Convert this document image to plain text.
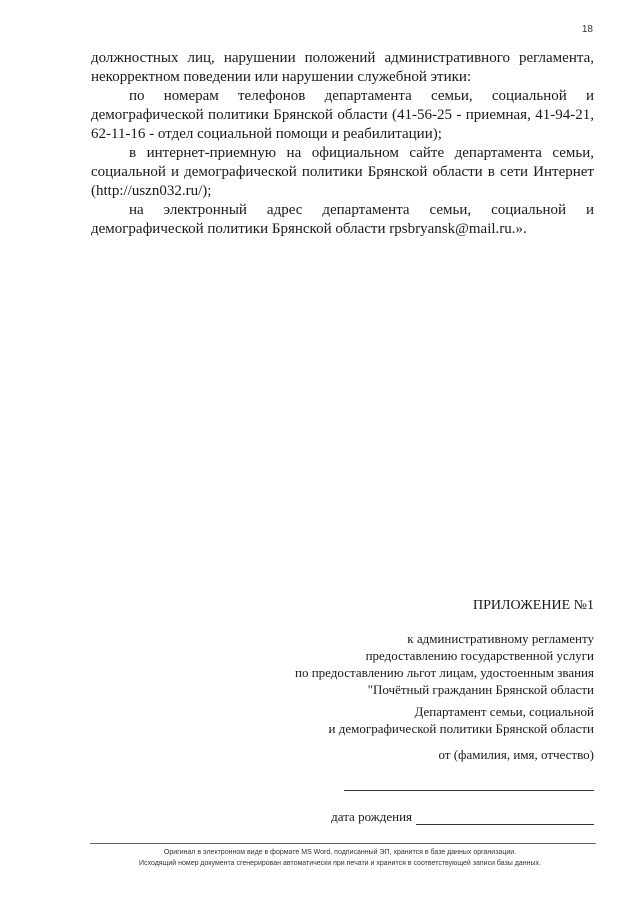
18

должностных лиц, нарушении положений административного регламента, некорректном поведении или нарушении служебной этики:

по номерам телефонов департамента семьи, социальной и демографической политики Брянской области (41-56-25 - приемная, 41-94-21, 62-11-16 - отдел социальной помощи и реабилитации);

в интернет-приемную на официальном сайте департамента семьи, социальной и демографической политики Брянской области в сети Интернет (http://uszn032.ru/);

на электронный адрес департамента семьи, социальной и демографической политики Брянской области rpsbryansk@mail.ru.».

ПРИЛОЖЕНИЕ №1
к административному регламенту
предоставлению государственной услуги
по предоставлению льгот лицам, удостоенным звания
"Почётный гражданин Брянской области
Департамент семьи, социальной
и демографической политики Брянской области
от (фамилия, имя, отчество)
дата рождения
Оригинал в электронном виде в формате MS Word, подписанный ЭП, хранится в базе данных организации.
Исходящий номер документа сгенерирован автоматически при печати и хранится в соответствующей записи базы данных.
